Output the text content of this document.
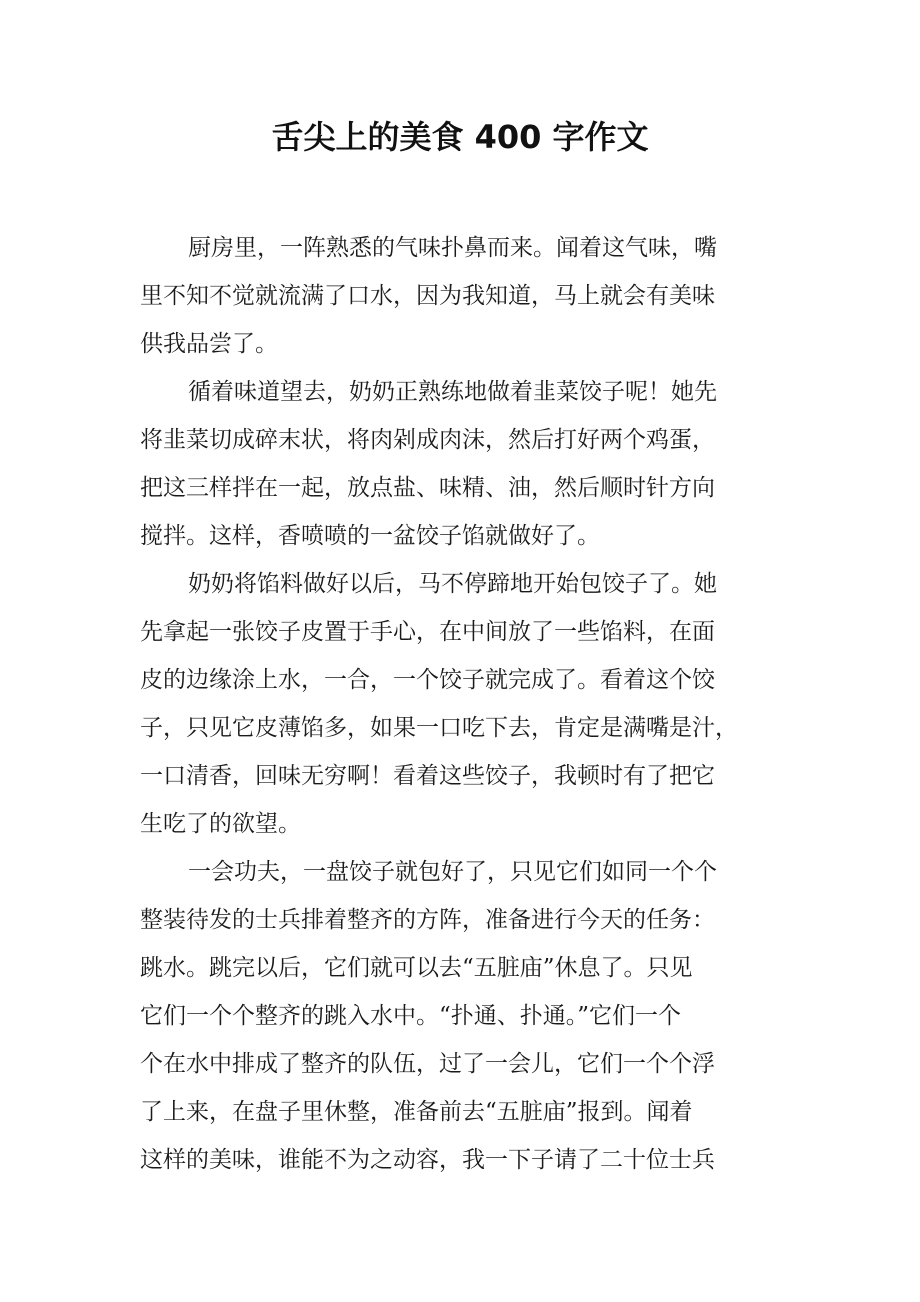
舌尖上的美食 400 字作文
厨房里，一阵熟悉的气味扑鼻而来。闻着这气味，嘴
里不知不觉就流满了口水，因为我知道，马上就会有美味
供我品尝了。
循着味道望去，奶奶正熟练地做着韭菜饺子呢！她先
将韭菜切成碎末状，将肉剁成肉沫，然后打好两个鸡蛋，
把这三样拌在一起，放点盐、味精、油，然后顺时针方向
搅拌。这样，香喷喷的一盆饺子馅就做好了。
奶奶将馅料做好以后，马不停蹄地开始包饺子了。她
先拿起一张饺子皮置于手心，在中间放了一些馅料，在面
皮的边缘涂上水，一合，一个饺子就完成了。看着这个饺
子，只见它皮薄馅多，如果一口吃下去，肯定是满嘴是汁，
一口清香，回味无穷啊！看着这些饺子，我顿时有了把它
生吃了的欲望。
一会功夫，一盘饺子就包好了，只见它们如同一个个
整装待发的士兵排着整齐的方阵，准备进行今天的任务：
跳水。跳完以后，它们就可以去“五脏庙”休息了。只见
它们一个个整齐的跳入水中。“扑通、扑通。”它们一个
个在水中排成了整齐的队伍，过了一会儿，它们一个个浮
了上来，在盘子里休整，准备前去“五脏庙”报到。闻着
这样的美味，谁能不为之动容，我一下子请了二十位士兵
